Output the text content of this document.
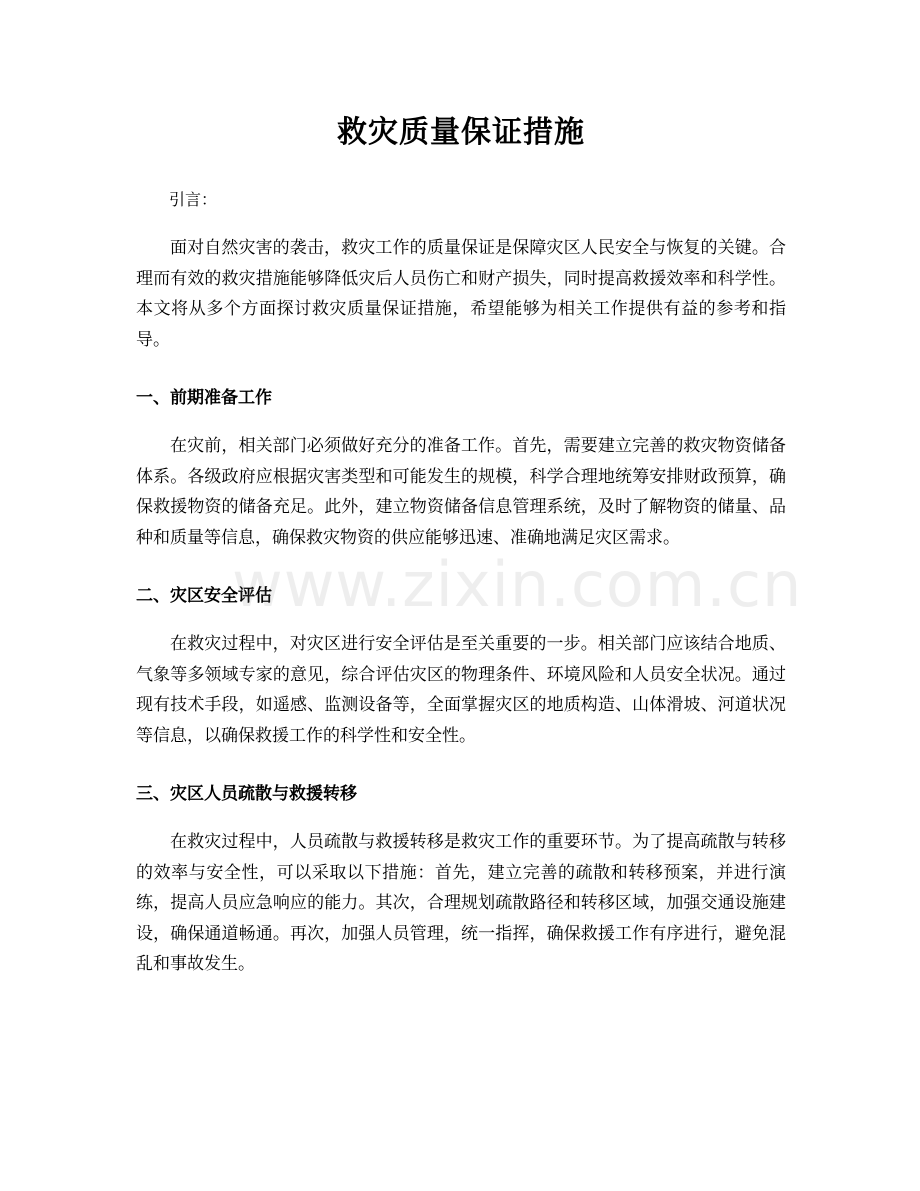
救灾质量保证措施

引言：

面对自然灾害的袭击，救灾工作的质量保证是保障灾区人民安全与恢复的关键。合理而有效的救灾措施能够降低灾后人员伤亡和财产损失，同时提高救援效率和科学性。本文将从多个方面探讨救灾质量保证措施，希望能够为相关工作提供有益的参考和指导。

一、前期准备工作

在灾前，相关部门必须做好充分的准备工作。首先，需要建立完善的救灾物资储备体系。各级政府应根据灾害类型和可能发生的规模，科学合理地统筹安排财政预算，确保救援物资的储备充足。此外，建立物资储备信息管理系统，及时了解物资的储量、品种和质量等信息，确保救灾物资的供应能够迅速、准确地满足灾区需求。

二、灾区安全评估

在救灾过程中，对灾区进行安全评估是至关重要的一步。相关部门应该结合地质、气象等多领域专家的意见，综合评估灾区的物理条件、环境风险和人员安全状况。通过现有技术手段，如遥感、监测设备等，全面掌握灾区的地质构造、山体滑坡、河道状况等信息，以确保救援工作的科学性和安全性。

三、灾区人员疏散与救援转移

在救灾过程中，人员疏散与救援转移是救灾工作的重要环节。为了提高疏散与转移的效率与安全性，可以采取以下措施：首先，建立完善的疏散和转移预案，并进行演练，提高人员应急响应的能力。其次，合理规划疏散路径和转移区域，加强交通设施建设，确保通道畅通。再次，加强人员管理，统一指挥，确保救援工作有序进行，避免混乱和事故发生。

www.zixin.com.cn
